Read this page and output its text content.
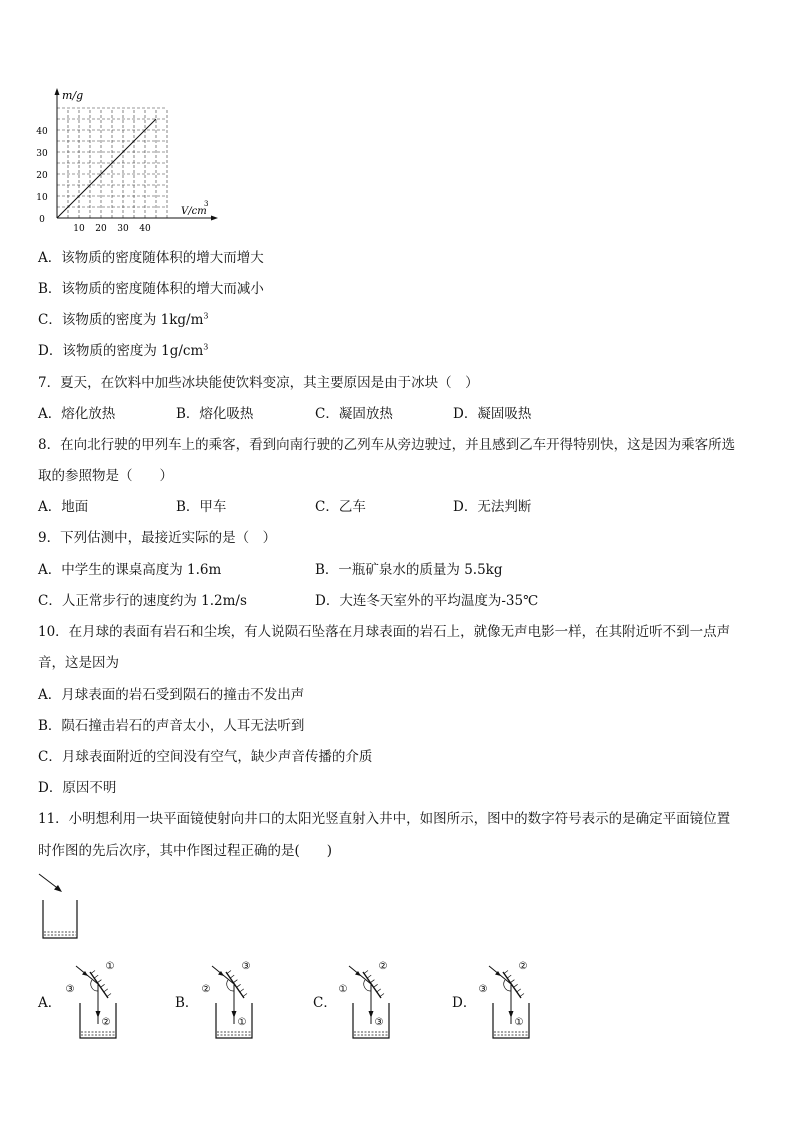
m/g
V/cm
3
0
10
20
30
40
10 20 30 40
A．该物质的密度随体积的增大而增大
B．该物质的密度随体积的增大而减小
C．该物质的密度为 $1kg/m^3$
D．该物质的密度为 $1g/cm^3$
7．夏天，在饮料中加些冰块能使饮料变凉，其主要原因是由于冰块（　）
A．熔化放热	B．熔化吸热	C．凝固放热	D．凝固吸热
8．在向北行驶的甲列车上的乘客，看到向南行驶的乙列车从旁边驶过，并且感到乙车开得特别快，这是因为乘客所选
取的参照物是（　　）
A．地面	B．甲车	C．乙车	D．无法判断
9．下列估测中，最接近实际的是（　）
A．中学生的课桌高度为 1.6m	B．一瓶矿泉水的质量为 5.5kg
C．人正常步行的速度约为 1.2m/s	D．大连冬天室外的平均温度为-35℃
10．在月球的表面有岩石和尘埃，有人说陨石坠落在月球表面的岩石上，就像无声电影一样，在其附近听不到一点声
音，这是因为
A．月球表面的岩石受到陨石的撞击不发出声
B．陨石撞击岩石的声音太小，人耳无法听到
C．月球表面附近的空间没有空气，缺少声音传播的介质
D．原因不明
11．小明想利用一块平面镜使射向井口的太阳光竖直射入井中，如图所示，图中的数字符号表示的是确定平面镜位置
时作图的先后次序，其中作图过程正确的是(　　)
A．	B．	C．	D．
①
③
②
③
②
①
②
①
③
②
③
①
